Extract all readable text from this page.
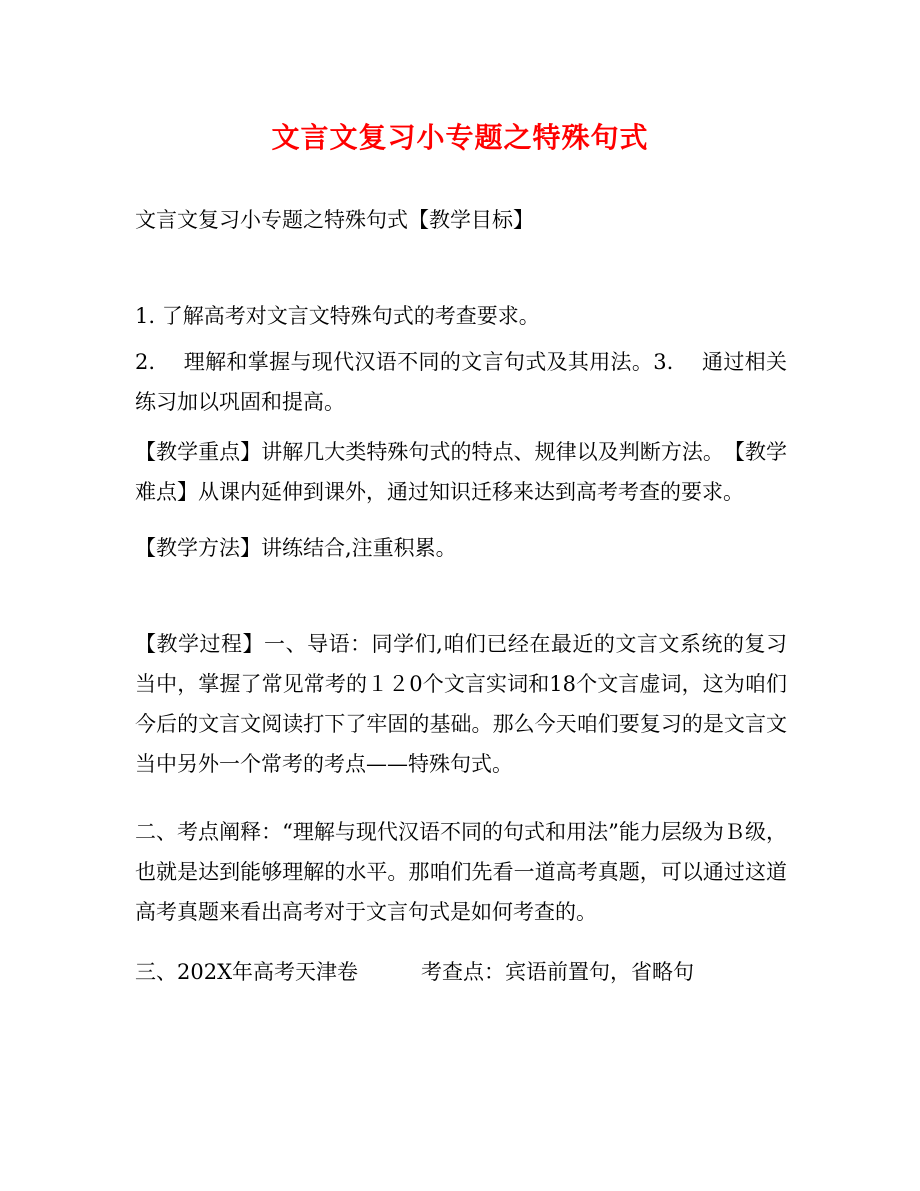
文言文复习小专题之特殊句式

文言文复习小专题之特殊句式‬‬【教学目标】

1. 了解高考对文言文特殊句式的考查要求。

2‬.　 理解和掌握与现代汉语不同的文言句式及其用法。3‬‬.　 通过相关练习加以巩固和提高。

‬【教学重点】讲解几大类特殊句式的特点、规律以及判断方法。‬‬【教学难点】从课内延伸到课外，通过知识迁移来达到高考考查的要求。‬

【教学方法】讲练结合,注重积累。

【教学过程】‬‬一、导语：同学们,咱们已经在最近的文言文系统的复习当中，掌握了常见常考的１２0个文言实词和18个文言虚词，这为咱们今后的文言文阅读打下了牢固的基础。那么今天咱们要复习的是文言文当中另外一个常考的考点——特殊句式。‬

二、考点阐释：“理解与现代汉语不同的句式和用法”能力层级为Ｂ级，也就是达到能够理解的水平。那咱们先看一道高考真题，可以通过这道高考真题来看出高考对于文言句式是如何考查的。‬

三、202X年高考天津卷　　　考查点：宾语前置句，省略句‬
